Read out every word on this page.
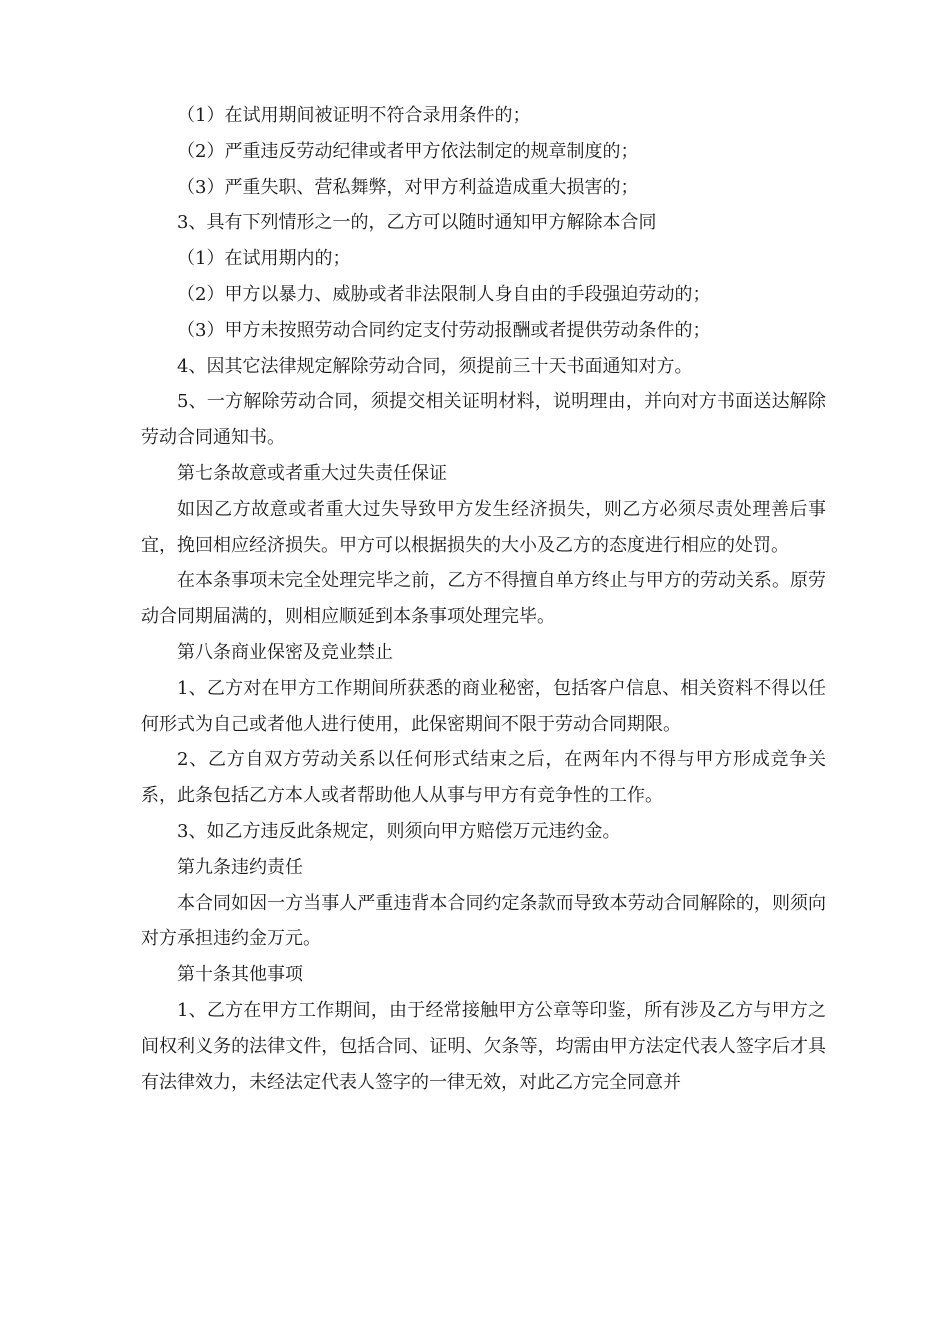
（1）在试用期间被证明不符合录用条件的；

（2）严重违反劳动纪律或者甲方依法制定的规章制度的；

（3）严重失职、营私舞弊，对甲方利益造成重大损害的；

3、具有下列情形之一的，乙方可以随时通知甲方解除本合同

（1）在试用期内的；

（2）甲方以暴力、威胁或者非法限制人身自由的手段强迫劳动的；

（3）甲方未按照劳动合同约定支付劳动报酬或者提供劳动条件的；

4、因其它法律规定解除劳动合同，须提前三十天书面通知对方。

5、一方解除劳动合同，须提交相关证明材料，说明理由，并向对方书面送达解除劳动合同通知书。

第七条故意或者重大过失责任保证

如因乙方故意或者重大过失导致甲方发生经济损失，则乙方必须尽责处理善后事宜，挽回相应经济损失。甲方可以根据损失的大小及乙方的态度进行相应的处罚。

在本条事项未完全处理完毕之前，乙方不得擅自单方终止与甲方的劳动关系。原劳动合同期届满的，则相应顺延到本条事项处理完毕。

第八条商业保密及竞业禁止

1、乙方对在甲方工作期间所获悉的商业秘密，包括客户信息、相关资料不得以任何形式为自己或者他人进行使用，此保密期间不限于劳动合同期限。

2、乙方自双方劳动关系以任何形式结束之后，在两年内不得与甲方形成竞争关系，此条包括乙方本人或者帮助他人从事与甲方有竞争性的工作。

3、如乙方违反此条规定，则须向甲方赔偿万元违约金。

第九条违约责任

本合同如因一方当事人严重违背本合同约定条款而导致本劳动合同解除的，则须向对方承担违约金万元。

第十条其他事项

1、乙方在甲方工作期间，由于经常接触甲方公章等印鉴，所有涉及乙方与甲方之间权利义务的法律文件，包括合同、证明、欠条等，均需由甲方法定代表人签字后才具有法律效力，未经法定代表人签字的一律无效，对此乙方完全同意并
